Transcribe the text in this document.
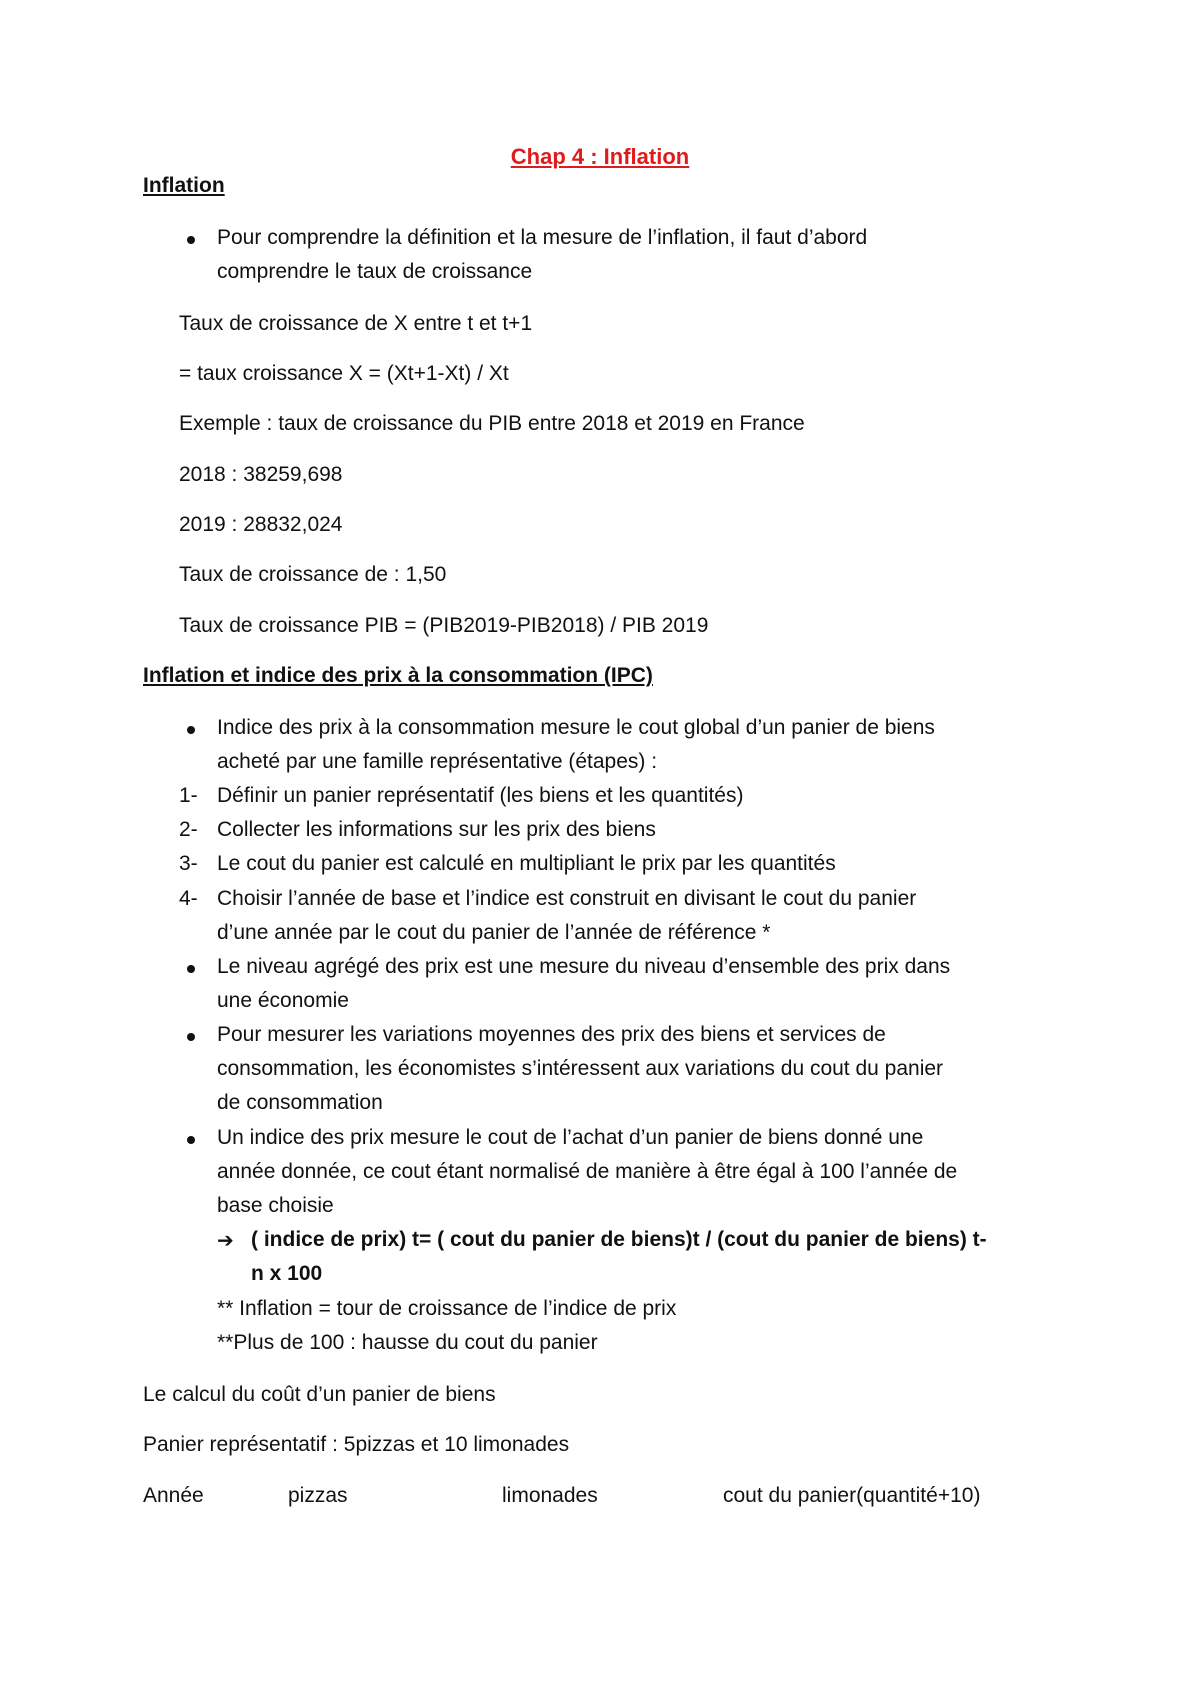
Chap 4 : Inflation
Inflation
Pour comprendre la définition et la mesure de l’inflation, il faut d’abord
comprendre le taux de croissance
Taux de croissance de X entre t et t+1
= taux croissance X = (Xt+1-Xt) / Xt
Exemple : taux de croissance du PIB entre 2018 et 2019 en France
2018 : 38259,698
2019 : 28832,024
Taux de croissance de : 1,50
Taux de croissance PIB = (PIB2019-PIB2018) / PIB 2019
Inflation et indice des prix à la consommation (IPC)
Indice des prix à la consommation mesure le cout global d’un panier de biens
acheté par une famille représentative (étapes) :
1- Définir un panier représentatif (les biens et les quantités)
2- Collecter les informations sur les prix des biens
3- Le cout du panier est calculé en multipliant le prix par les quantités
4- Choisir l’année de base et l’indice est construit en divisant le cout du panier
d’une année par le cout du panier de l’année de référence *
Le niveau agrégé des prix est une mesure du niveau d’ensemble des prix dans
une économie
Pour mesurer les variations moyennes des prix des biens et services de
consommation, les économistes s’intéressent aux variations du cout du panier
de consommation
Un indice des prix mesure le cout de l’achat d’un panier de biens donné une
année donnée, ce cout étant normalisé de manière à être égal à 100 l’année de
base choisie
➔ ( indice de prix) t= ( cout du panier de biens)t / (cout du panier de biens) t-
n x 100
** Inflation = tour de croissance de l’indice de prix
**Plus de 100 : hausse du cout du panier
Le calcul du coût d’un panier de biens
Panier représentatif : 5pizzas et 10 limonades
Année	pizzas	limonades	cout du panier(quantité+10)
